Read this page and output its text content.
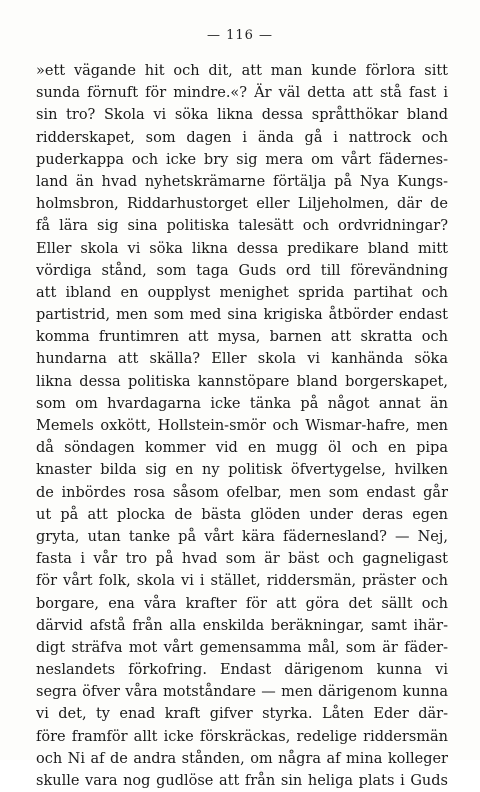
— 116 —
»ett vägande hit och dit, att man kunde förlora sitt
sunda förnuft för mindre.«? Är väl detta att stå fast i
sin tro? Skola vi söka likna dessa språtthökar bland
ridderskapet, som dagen i ända gå i nattrock och
puderkappa och icke bry sig mera om vårt fädernes-
land än hvad nyhetskrämarne förtälja på Nya Kungs-
holmsbron, Riddarhustorget eller Liljeholmen, där de
få lära sig sina politiska talesätt och ordvridningar?
Eller skola vi söka likna dessa predikare bland mitt
vördiga stånd, som taga Guds ord till förevändning
att ibland en oupplyst menighet sprida partihat och
partistrid, men som med sina krigiska åtbörder endast
komma fruntimren att mysa, barnen att skratta och
hundarna att skälla? Eller skola vi kanhända söka
likna dessa politiska kannstöpare bland borgerskapet,
som om hvardagarna icke tänka på något annat än
Memels oxkött, Hollstein-smör och Wismar-hafre, men
då söndagen kommer vid en mugg öl och en pipa
knaster bilda sig en ny politisk öfvertygelse, hvilken
de inbördes rosa såsom ofelbar, men som endast går
ut på att plocka de bästa glöden under deras egen
gryta, utan tanke på vårt kära fädernesland? — Nej,
fasta i vår tro på hvad som är bäst och gagneligast
för vårt folk, skola vi i stället, riddersmän, präster och
borgare, ena våra krafter för att göra det sällt och
därvid afstå från alla enskilda beräkningar, samt ihär-
digt sträfva mot vårt gemensamma mål, som är fäder-
neslandets förkofring. Endast därigenom kunna vi
segra öfver våra motståndare — men därigenom kunna
vi det, ty enad kraft gifver styrka. Låten Eder där-
före framför allt icke förskräckas, redelige riddersmän
och Ni af de andra stånden, om några af mina kolleger
skulle vara nog gudlöse att från sin heliga plats i Guds
